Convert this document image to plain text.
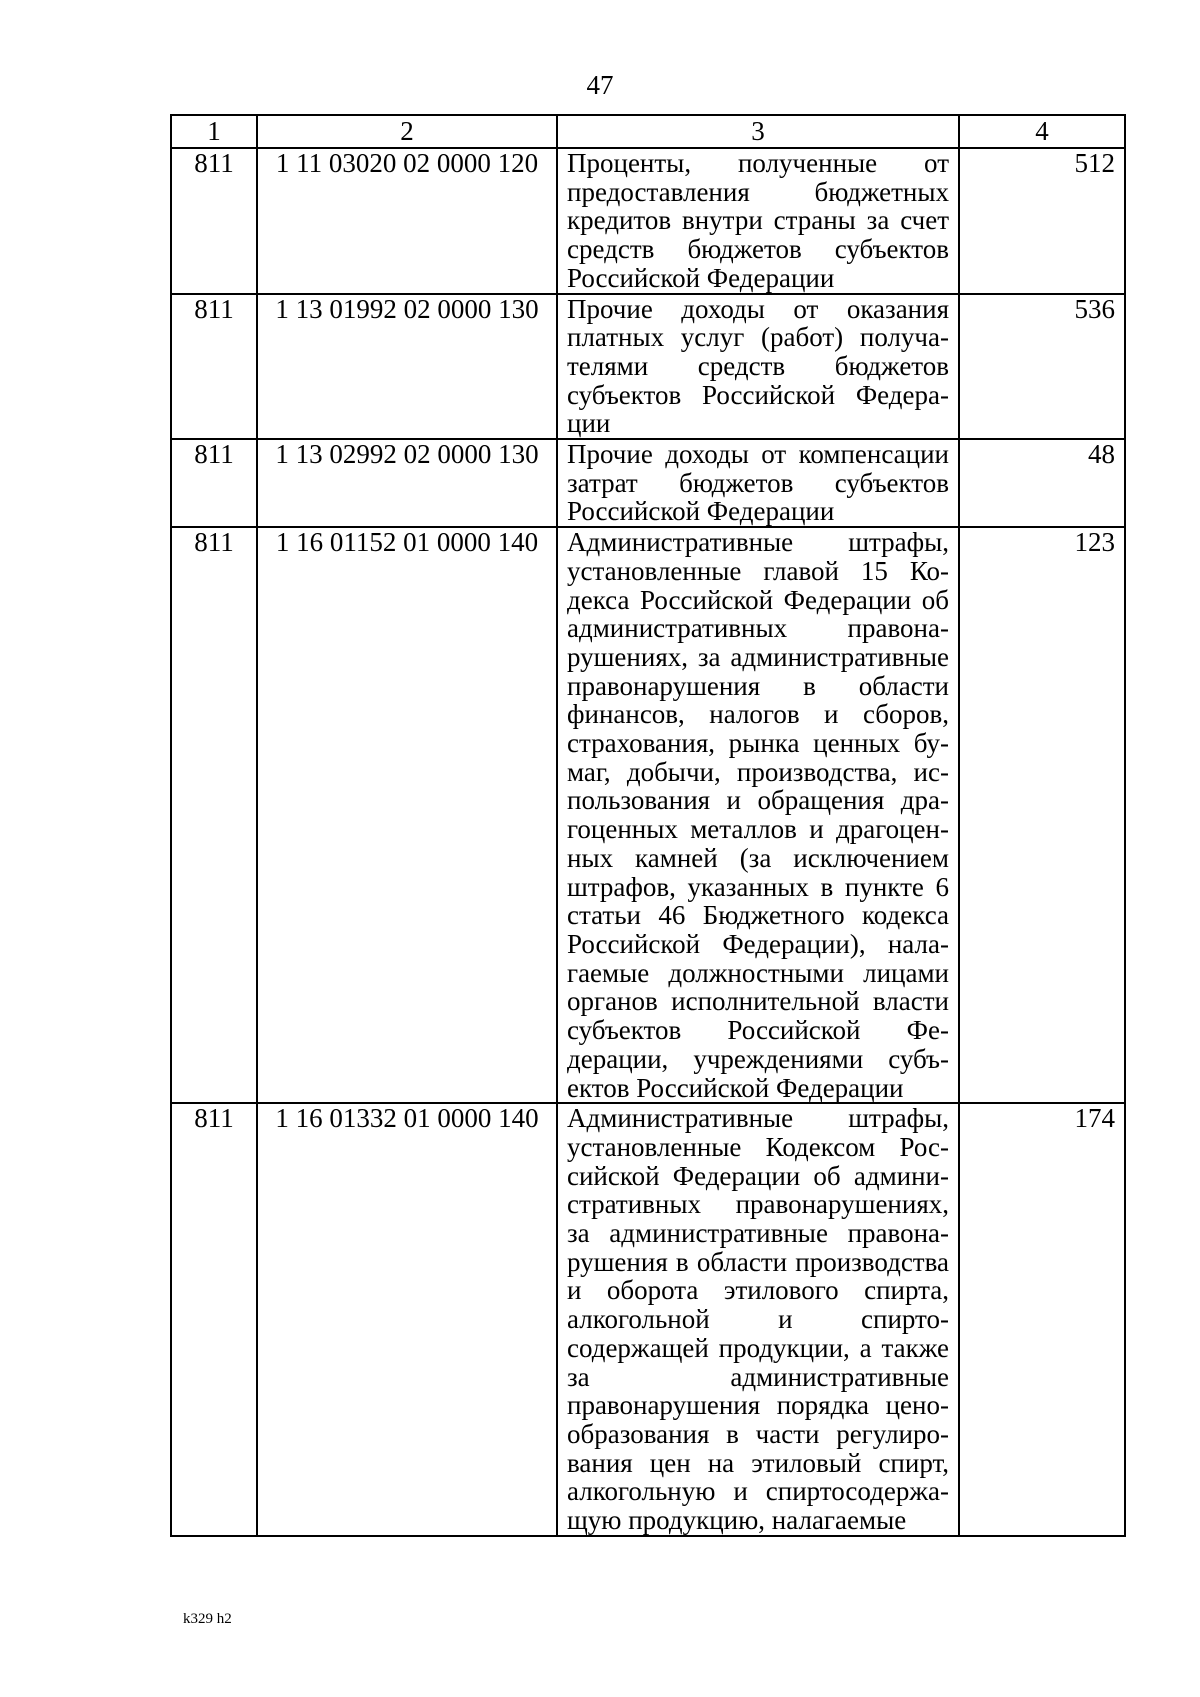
47
1	2	3	4
811	1 11 03020 02 0000 120	Проценты, полученные от предоставления бюджетных кредитов внутри страны за счет средств бюджетов субъектов Российской Федерации	512
811	1 13 01992 02 0000 130	Прочие доходы от оказания платных услуг (работ) получателями средств бюджетов субъектов Российской Федерации	536
811	1 13 02992 02 0000 130	Прочие доходы от компенсации затрат бюджетов субъектов Российской Федерации	48
811	1 16 01152 01 0000 140	Административные штрафы, установленные главой 15 Кодекса Российской Федерации об административных правонарушениях, за административные правонарушения в области финансов, налогов и сборов, страхования, рынка ценных бумаг, добычи, производства, использования и обращения драгоценных металлов и драгоценных камней (за исключением штрафов, указанных в пункте 6 статьи 46 Бюджетного кодекса Российской Федерации), налагаемые должностными лицами органов исполнительной власти субъектов Российской Федерации, учреждениями субъектов Российской Федерации	123
811	1 16 01332 01 0000 140	Административные штрафы, установленные Кодексом Российской Федерации об административных правонарушениях, за административные правонарушения в области производства и оборота этилового спирта, алкогольной и спиртосодержащей продукции, а также за административные правонарушения порядка ценообразования в части регулирования цен на этиловый спирт, алкогольную и спиртосодержащую продукцию, налагаемые	174
k329 h2
